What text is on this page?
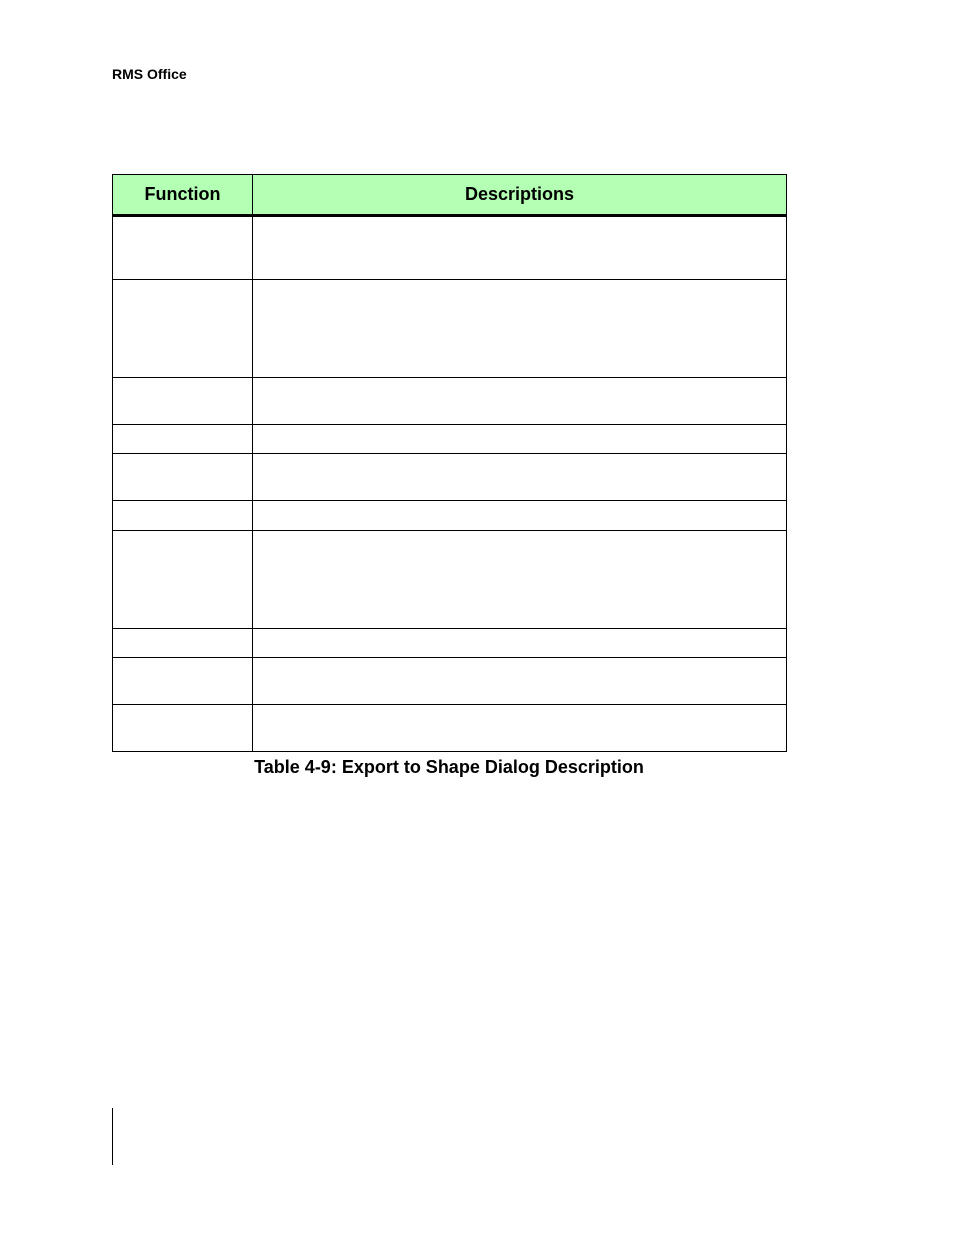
RMS Office

Function	Descriptions

Table 4-9: Export to Shape Dialog Description
